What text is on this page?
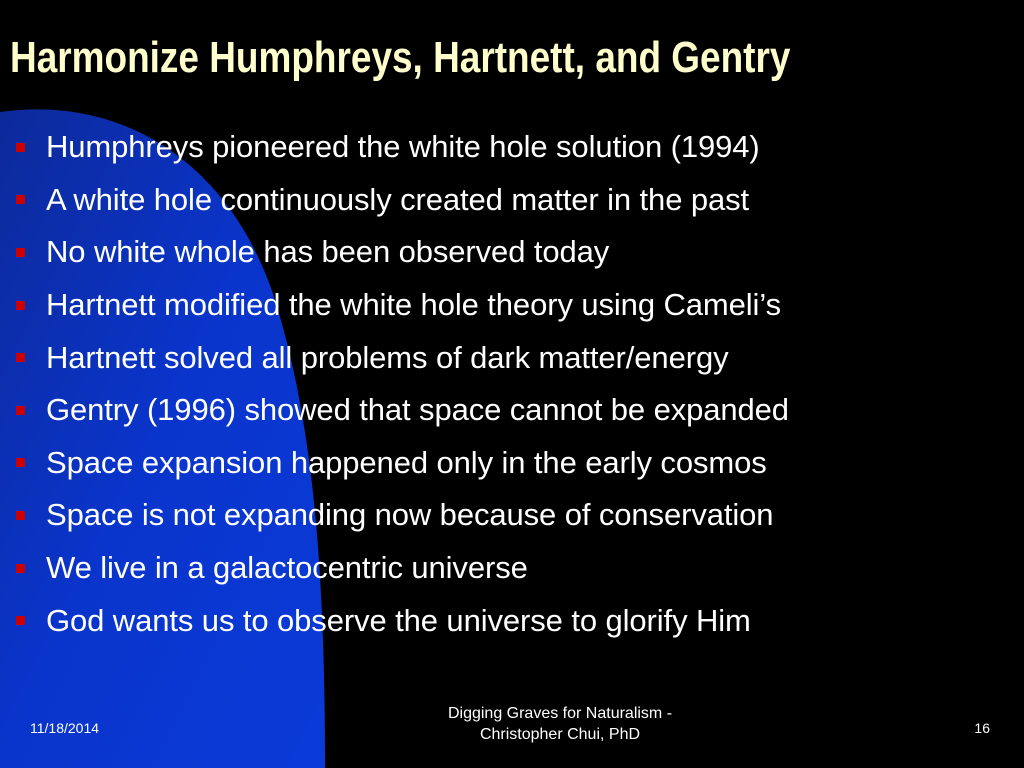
Harmonize Humphreys, Hartnett, and Gentry
Humphreys pioneered the white hole solution (1994)
A white hole continuously created matter in the past
No white whole has been observed today
Hartnett modified the white hole theory using Cameli’s
Hartnett solved all problems of dark matter/energy
Gentry (1996) showed that space cannot be expanded
Space expansion happened only in the early cosmos
Space is not expanding now because of conservation
We live in a galactocentric universe
God wants us to observe the universe to glorify Him
11/18/2014
Digging Graves for Naturalism -
Christopher Chui, PhD	16
